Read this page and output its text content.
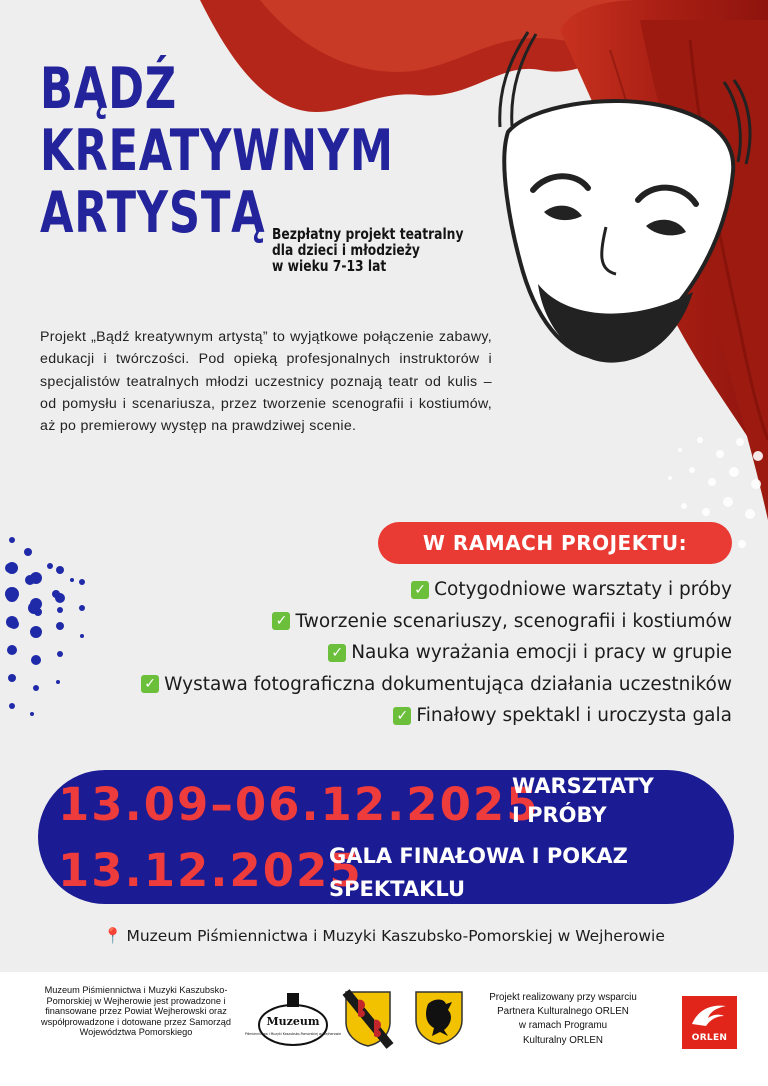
BĄDŹ
KREATYWNYM
ARTYSTĄ Bezpłatny projekt teatralny
dla dzieci i młodzieży
w wieku 7-13 lat
Projekt „Bądź kreatywnym artystą” to wyjątkowe połączenie zabawy, edukacji i twórczości. Pod opieką profesjonalnych instruktorów i specjalistów teatralnych młodzi uczestnicy poznają teatr od kulis – od pomysłu i scenariusza, przez tworzenie scenografii i kostiumów, aż po premierowy występ na prawdziwej scenie.
W RAMACH PROJEKTU:
✓ Cotygodniowe warsztaty i próby
✓ Tworzenie scenariuszy, scenografii i kostiumów
✓ Nauka wyrażania emocji i pracy w grupie
✓ Wystawa fotograficzna dokumentująca działania uczestników
✓ Finałowy spektakl i uroczysta gala
13.09–06.12.2025
WARSZTATY
I PRÓBY
13.12.2025
GALA FINAŁOWA I POKAZ
SPEKTAKLU
📍 Muzeum Piśmiennictwa i Muzyki Kaszubsko-Pomorskiej w Wejherowie
Muzeum Piśmiennictwa i Muzyki Kaszubsko-Pomorskiej w Wejherowie jest prowadzone i finansowane przez Powiat Wejherowski oraz współprowadzone i dotowane przez Samorząd Województwa Pomorskiego
Muzeum
Piśmiennictwa i Muzyki Kaszubsko-Pomorskiej w Wejherowie
Projekt realizowany przy wsparciu
Partnera Kulturalnego ORLEN
w ramach Programu
Kulturalny ORLEN	ORLEN
